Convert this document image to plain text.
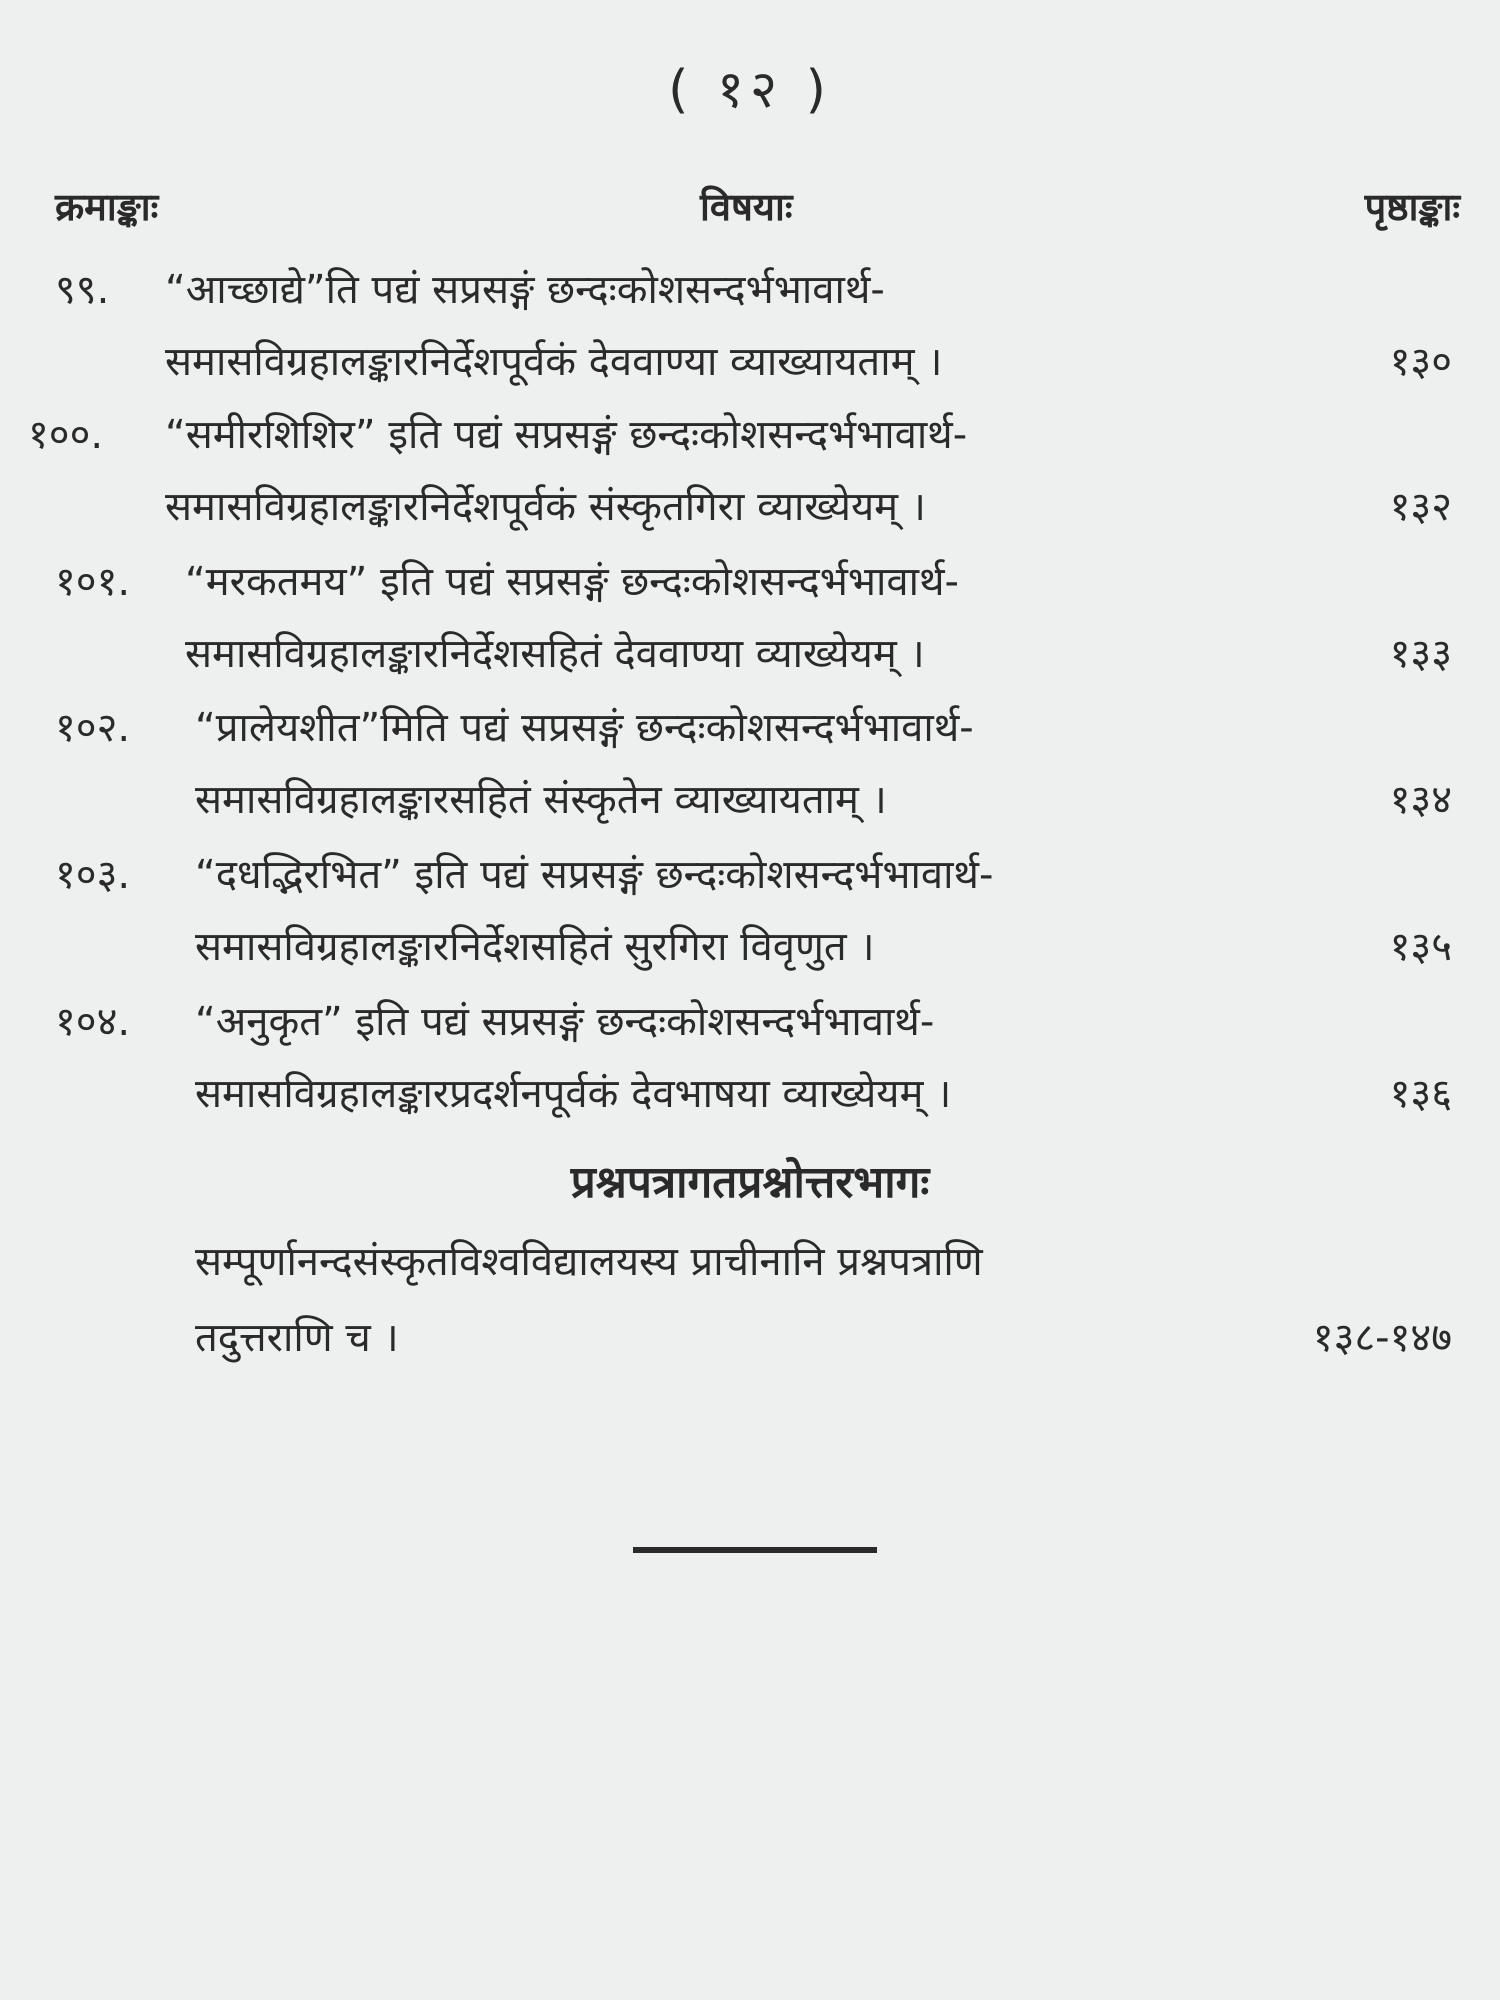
( १२ )
क्रमाङ्काः	विषयाः	पृष्ठाङ्काः
९९. “आच्छाद्ये”ति पद्यं सप्रसङ्गं छन्दःकोशसन्दर्भभावार्थ-
समासविग्रहालङ्कारनिर्देशपूर्वकं देववाण्या व्याख्यायताम् ।	१३०
१००. “समीरशिशिर” इति पद्यं सप्रसङ्गं छन्दःकोशसन्दर्भभावार्थ-
समासविग्रहालङ्कारनिर्देशपूर्वकं संस्कृतगिरा व्याख्येयम् ।	१३२
१०१. “मरकतमय” इति पद्यं सप्रसङ्गं छन्दःकोशसन्दर्भभावार्थ-
समासविग्रहालङ्कारनिर्देशसहितं देववाण्या व्याख्येयम् ।	१३३
१०२. “प्रालेयशीत”मिति पद्यं सप्रसङ्गं छन्दःकोशसन्दर्भभावार्थ-
समासविग्रहालङ्कारसहितं संस्कृतेन व्याख्यायताम् ।	१३४
१०३. “दधद्भिरभित” इति पद्यं सप्रसङ्गं छन्दःकोशसन्दर्भभावार्थ-
समासविग्रहालङ्कारनिर्देशसहितं सुरगिरा विवृणुत ।	१३५
१०४. “अनुकृत” इति पद्यं सप्रसङ्गं छन्दःकोशसन्दर्भभावार्थ-
समासविग्रहालङ्कारप्रदर्शनपूर्वकं देवभाषया व्याख्येयम् ।	१३६
प्रश्नपत्रागतप्रश्नोत्तरभागः
सम्पूर्णानन्दसंस्कृतविश्वविद्यालयस्य प्राचीनानि प्रश्नपत्राणि
तदुत्तराणि च ।	१३८-१४७
